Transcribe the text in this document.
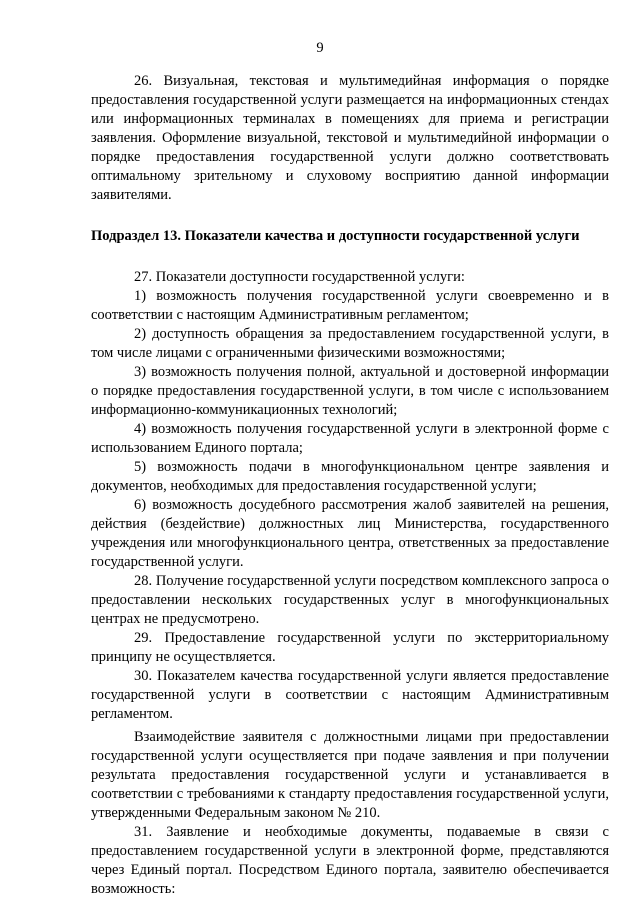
9

26. Визуальная, текстовая и мультимедийная информация о порядке предоставления государственной услуги размещается на информационных стендах или информационных терминалах в помещениях для приема и регистрации заявления. Оформление визуальной, текстовой и мультимедийной информации о порядке предоставления государственной услуги должно соответствовать оптимальному зрительному и слуховому восприятию данной информации заявителями.

Подраздел 13. Показатели качества и доступности государственной услуги

27. Показатели доступности государственной услуги:

1) возможность получения государственной услуги своевременно и в соответствии с настоящим Административным регламентом;

2) доступность обращения за предоставлением государственной услуги, в том числе лицами с ограниченными физическими возможностями;

3) возможность получения полной, актуальной и достоверной информации о порядке предоставления государственной услуги, в том числе с использованием информационно-коммуникационных технологий;

4) возможность получения государственной услуги в электронной форме с использованием Единого портала;

5) возможность подачи в многофункциональном центре заявления и документов, необходимых для предоставления государственной услуги;

6) возможность досудебного рассмотрения жалоб заявителей на решения, действия (бездействие) должностных лиц Министерства, государственного учреждения или многофункционального центра, ответственных за предоставление государственной услуги.

28. Получение государственной услуги посредством комплексного запроса о предоставлении нескольких государственных услуг в многофункциональных центрах не предусмотрено.

29. Предоставление государственной услуги по экстерриториальному принципу не осуществляется.

30. Показателем качества государственной услуги является предоставление государственной услуги в соответствии с настоящим Административным регламентом.

Взаимодействие заявителя с должностными лицами при предоставлении государственной услуги осуществляется при подаче заявления и при получении результата предоставления государственной услуги и устанавливается в соответствии с требованиями к стандарту предоставления государственной услуги, утвержденными Федеральным законом № 210.

31. Заявление и необходимые документы, подаваемые в связи с предоставлением государственной услуги в электронной форме, представляются через Единый портал. Посредством Единого портала, заявителю обеспечивается возможность:
